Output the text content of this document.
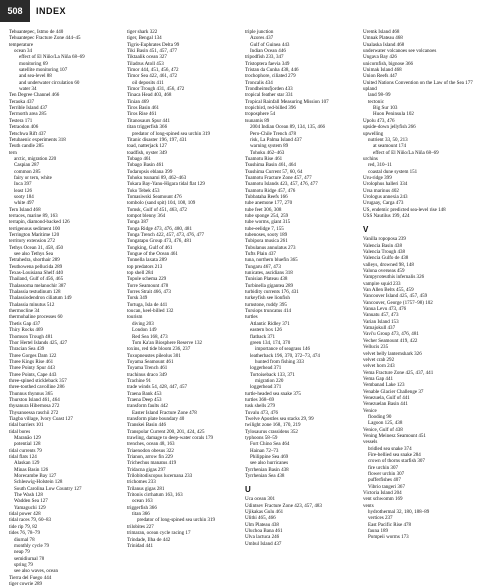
508	INDEX
Tehuantepec, Istmo de 440
Tehuantepec Fracture Zone 444–45
temperature
ocean 34
effect of El Niño/La Niña 68–69
monitoring 69
satellite monitoring 107
and sea-level 88
and underwater circulation 60
water 34
Ten Degree Channel 466
Teraoka 437
Terrible Island 437
Terrnorth area 285
Testera 171
Tetraodon 406
Tetschwa Rift 437
Tetubaenic experiments 318
Teuth candle 285
tern
arctic, migration 220
Caspian 287
common 285
fairy or tern, white
Inca 397
least 126
sooty 184
white 497
Tern Island 468
terraces, marine 89, 163
terrapin, diamond-backed 126
terrigenous sediment 100
Terrington Maritime 120
territory extension 272
Tethys Ocean 31, 458, 450
see also Tethys Sea
Tetrahedra, shorthair 289
Teuthowena pellucida 289
Texas-Louisiana Shelf 440
Thailand, Gulf of 456, 465
Thalassoma melanochir 387
Thalassia testudinum 128
Thalassiodendron ciliatum 149
Thalassia minutus 512
thermocline 34
thermohaline processes 60
Thetis Gap 437
Thiry Rocks 469
Thomson Trough 481
Thor Hertel Islands 425, 427
Thracian Sea 439
Three Gorges Dam 122
Three Kings Rise 461
Three Pointy Spur 443
Three Points, Cape 443
three-spined stickleback 357
three-toothed cavolline 286
Thunnus thynnus 365
Thurston Island 461, 464
thysanura Hibernosa 272
Thysanoessa raschii 272
Tiagba village, Ivory Coast 127
tidal barriers 101
tidal bores
Maranão 129
potential 128
tidal currents 79
tidal flats 124
Alaskan 129
Minas Basin 126
Morecambe Bay 127
Schleswig-Holstein 128
South Carolina Low Country 127
The Wash 128
Wadden Sea 127
Yamaguchi 129
tidal power 428
tidal races 79, 60–83
tide rip 79, 82
tides 76, 78–79
diurnal 78
monthly cycle 79
neap 79
semidiurnal 78
spring 79
see also waves, ocean
Tierra del Fuego 444
tiger cowrie 289
tiger shark 322
tiger, Bengal 134
Tigris-Euphrates Delta 99
Tiki Basin 451, 457, 477
Tiktaalik ocean 327
Tiladrus Atoll 453
Timor 444, 451, 456, 472
Timor Sea 422, 461, 472
oil deposits 411
Timor Trough 431, 456, 472
Tinaca Head 403, 468
Tinian 469
Tiros Basin 461
Tiros Rise 461
Titanosaurs Spur 441
titan triggerfish 366
predator of long-spined sea urchin 319
Titanic disaster 196, 197, 431
toad, natterjack 127
toadfish, oyster 349
Tobago 461
Tobago Basin 461
Todaropsis eblana 399
Tohoku tsunami 89, 462–463
Tokara Bay-Yanu-Higara tidal flat 129
Toko Tebek 453
Tomasiwski Seamount 476
tombolo (sand spit) 104, 108, 109
Tomsk, Gulf of 451, 463, 472
tompot blenny 364
Tonga 387
Tonga Ridge 473, 476, 480, 481
Tonga Trench 422, 457, 473, 476, 477
Tongatapu Group 473, 476, 481
Tongking, Gulf of 461
Tongue of the Ocean 461
Tonnella laxata 289
top predators 213
top shell 284
Topole schema 229
Torre Seamount 478
Torres Strait 466, 473
Torsk 349
Tortuga, Isla de 441
toucan, keel-billed 132
tourism
diving 203
London 149
Red Sea 168, 473
Tom Ka'an Biosphere Reserve 132
toxins, red tide bloom 236, 237
Toxopneustes pileolus 301
Toyama Seamount 461
Toyama Trench 461
trachinus draco 349
Trachine 91
trade winds 54, 428, 447, 457
Traena Bank 453
Traena Deep 453
transform faults 442
Easter Island Fracture Zone 478
transform plate boundary 40
Transkei Basin 446
Transpolar Current 200, 201, 424, 425
trawling, damage to deep-water corals 179
trenches, ocean 48, 163
Triaenodon obesus 322
Trianon, arrow fin 229
Trichechus manatus 419
Tridacna gigas 297
Trilobitodiscopus lucernana 233
trichomes 233
Trilanus gigas 281
Tritonis cirrhatum 163, 163
ocean 163
triggerfish 366
titan 366
predator of long-spined sea urchin 319
trilobites 227
trimaran, ocean cycle racing 17
Trindade, Ilha de 442
Trinidad 441
triple junction
Azores 437
Gulf of Guinea 443
Indian Ocean 446
tripodfish 233, 347
Tristoptera faevia 349
Tristan da Cunha 438, 446
trochophore, ciliated 279
Troncalis 434
Trondheimsfjorden 433
tropical feather star 331
Tropical Rainfall Measuring Mission 107
tropicbird, red-billed 396
troposphere 54
tsunamis 89
2004 Indian Ocean 89, 134, 135, 466
Pero-Chile Trench 478
risk, La Palma Island 437
warning system 89
Tohoku 462–463
Tuamotu Rise 461
Tsushima Basin 461, 464
Tsushima Current 57, 60, 64
Tuamotu Fracture Zone 457, 477
Tuamotu Islands 423, 457, 476, 477
Tuamotu Ridge 457, 476
Tubbataha Reefs 166
tube anemone 177, 270
tube feet 306, 308
tube sponge 254, 259
tube worms, giant 315
tube-eelidge 7, 155
tubenoses, sooty 189
Tubipora musica 261
Tubulanus annulatus 273
Tufts Plain 437
tuna, northern bluefin 365
Tungaru 467, 473
tunicates, ascidians 318
Tunisian Plateau 438
Turbinella gigantea 289
turbidity currents 176, 431
turkeyfish see lionfish
turnstone, ruddy 395
Tursiops truncatus 414
turtles
Atlantic Ridley 371
eastern box 126
flatback 371
green 134, 174, 370
importance of seagrass 146
leatherback 196, 370, 372–73, 474
hunted from fishing 333
loggerhead 371
Tortoiseback 133, 371
migration 220
loggerhead 371
turtle-headed sea snake 375
turtles 368–69
tusk shells 279
Tuvalu 473, 476
Twelve Apostles sea stacks 29, 99
twilight zone 168, 170, 219
Tylosaurus crassidens 352
typhoons 58–59
Fort Chino Sea 464
Hainan 72–73
Philippine Sea 469
see also hurricanes
Tyrrhenian Basin 438
Tyrrhenian Sea 438
U
Uca ocean 301
Udintsev Fracture Zone 423, 457, 483
Ujikakas Gulu 461
Ulithi 465, 466
Ulm Plateau 438
Uluchoa Bana 461
Ulva lactuca 246
Umbul Island 437
Uremk Island 468
Umnak Plateau 468
Unalaska Island 468
underwater volcanoes see volcanoes
Ungava Bay 426
unicornfish, bignose 366
Unimak Island 468
Union Reefs 447
United Nations Convention on the Law of the Sea 177
upland
land 98–99
tectonic
Big Sur 103
Huon Peninsula 102
Upolu 473, 476
upside-down jellyfish 266
upwelling
nutrient 33, 50, 213
at seamount 174
effect of El Niño/La Niña 68–69
urchins
red, 310–11
coastal dune system 151
Uru-ridge 399
Urolophus halleri 334
Ursa marinus 402
Urologus annexia 243
Urugaay, Carga 473
US, endemic predicted sea-level rise 148
USS Nautilus 199, 424
V
Vanilla ropoposa 239
Valencia Basin 438
Valencia Trough 438
Valencia Gulfo de 438
valleys, drowned 98, 148
Valona overseas 459
Vampyroteuthis infernalis 326
vampire squid 233
Van Allen Belts 455, 459
Vancouver Island 425, 457, 459
Vancouver, George (1757–98) 102
Vanua Levu 473, 476
Vanuatu 457, 473
Varian Island 153
Vatnajokull 437
Vavi'u Group 473, 476, 481
Vecher Seamount 419, 422
Vellucis 235
velvet belly lanternshark 326
velvet crab 292
velvet horn 243
Vema Fracture Zone 425, 437, 441
Vema Gap 441
Vembanad Lake 123
Venable Glacier Challenge 37
Venezuela, Gulf of 441
Venezuelan Basin 441
Venice
flooding 90
Lagoon 125, 438
Venice, Gulf of 438
Vening Meinesz Seamount 451
vessels
bridled sea snake 374
Fire-bellied sea snake 284
crown of thorns starfish 307
fire urchin 307
flower urchin 307
pufferfishes 407
Vibrio tangeri 367
Victoria Island 204
vent schwomm 169
vents
hydrothermal 32, 180, 188–89
vertices 237
East Pacific Rise 478
fauna 189
Pompeii worms 173
